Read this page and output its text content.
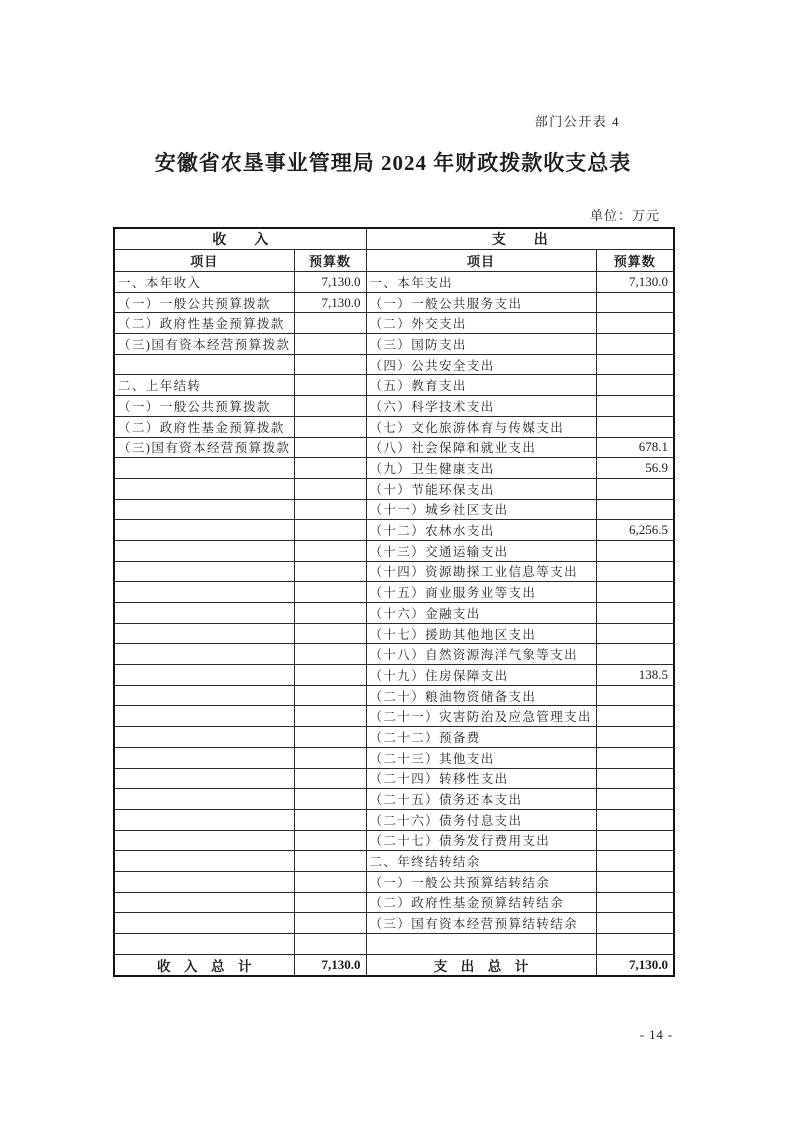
部门公开表 4
安徽省农垦事业管理局 2024 年财政拨款收支总表
单位：万元
收　　入		支　　出	
项目	预算数	项目	预算数
一、本年收入	7,130.0	一、本年支出	7,130.0
（一）一般公共预算拨款	7,130.0	（一）一般公共服务支出	
（二）政府性基金预算拨款		（二）外交支出	
（三)国有资本经营预算拨款		（三）国防支出	
		（四）公共安全支出	
二、上年结转		（五）教育支出	
（一）一般公共预算拨款		（六）科学技术支出	
（二）政府性基金预算拨款		（七）文化旅游体育与传媒支出	
（三)国有资本经营预算拨款		（八）社会保障和就业支出	678.1
		（九）卫生健康支出	56.9
		（十）节能环保支出	
		（十一）城乡社区支出	
		（十二）农林水支出	6,256.5
		（十三）交通运输支出	
		（十四）资源勘探工业信息等支出	
		（十五）商业服务业等支出	
		（十六）金融支出	
		（十七）援助其他地区支出	
		（十八）自然资源海洋气象等支出	
		（十九）住房保障支出	138.5
		（二十）粮油物资储备支出	
		（二十一）灾害防治及应急管理支出	
		（二十二）预备费	
		（二十三）其他支出	
		（二十四）转移性支出	
		（二十五）债务还本支出	
		（二十六）债务付息支出	
		（二十七）债务发行费用支出	
		二、年终结转结余	
		（一）一般公共预算结转结余	
		（二）政府性基金预算结转结余	
		（三）国有资本经营预算结转结余	

收　入　总　计	7,130.0	支　出　总　计	7,130.0
- 14 -
